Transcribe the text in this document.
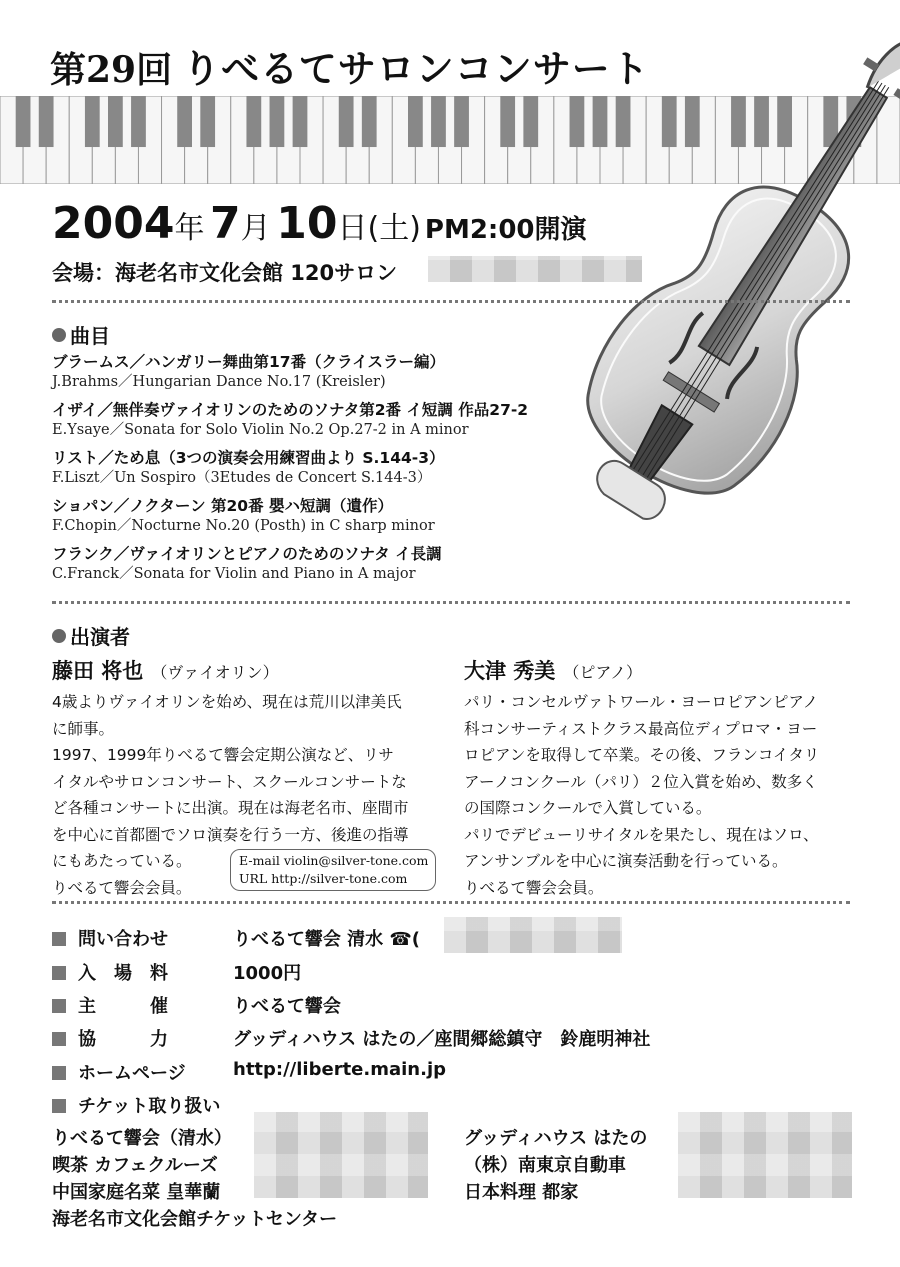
第29回 りべるてサロンコンサート
2004年 7月 10日(土) PM2:00開演
会場：海老名市文化会館 120サロン
曲目
ブラームス／ハンガリー舞曲第17番（クライスラー編）
J.Brahms／Hungarian Dance No.17 (Kreisler)
イザイ／無伴奏ヴァイオリンのためのソナタ第2番 イ短調 作品27-2
E.Ysaye／Sonata for Solo Violin No.2 Op.27-2 in A minor
リスト／ため息（3つの演奏会用練習曲より S.144-3）
F.Liszt／Un Sospiro（3Etudes de Concert S.144-3）
ショパン／ノクターン 第20番 嬰ハ短調（遺作）
F.Chopin／Nocturne No.20 (Posth) in C sharp minor
フランク／ヴァイオリンとピアノのためのソナタ イ長調
C.Franck／Sonata for Violin and Piano in A major
出演者
藤田 将也 （ヴァイオリン）
4歳よりヴァイオリンを始め、現在は荒川以津美氏
に師事。
1997、1999年りべるて響会定期公演など、リサ
イタルやサロンコンサート、スクールコンサートな
ど各種コンサートに出演。現在は海老名市、座間市
を中心に首都圏でソロ演奏を行う一方、後進の指導
にもあたっている。
りべるて響会会員。
大津 秀美 （ピアノ）
パリ・コンセルヴァトワール・ヨーロピアンピアノ
科コンサーティストクラス最高位ディプロマ・ヨー
ロピアンを取得して卒業。その後、フランコイタリ
アーノコンクール（パリ）２位入賞を始め、数多く
の国際コンクールで入賞している。
パリでデビューリサイタルを果たし、現在はソロ、
アンサンブルを中心に演奏活動を行っている。
りべるて響会会員。
E-mail violin@silver-tone.com
URL http://silver-tone.com
問い合わせ	りべるて響会 清水 ☎(
入　場　料	1000円
主　　　催	りべるて響会
協　　　力	グッディハウス はたの／座間郷総鎮守　鈴鹿明神社
ホームページ	http://liberte.main.jp
チケット取り扱い
りべるて響会（清水）
喫茶 カフェクルーズ
中国家庭名菜 皇華蘭
海老名市文化会館チケットセンター
グッディハウス はたの
（株）南東京自動車
日本料理 都家
